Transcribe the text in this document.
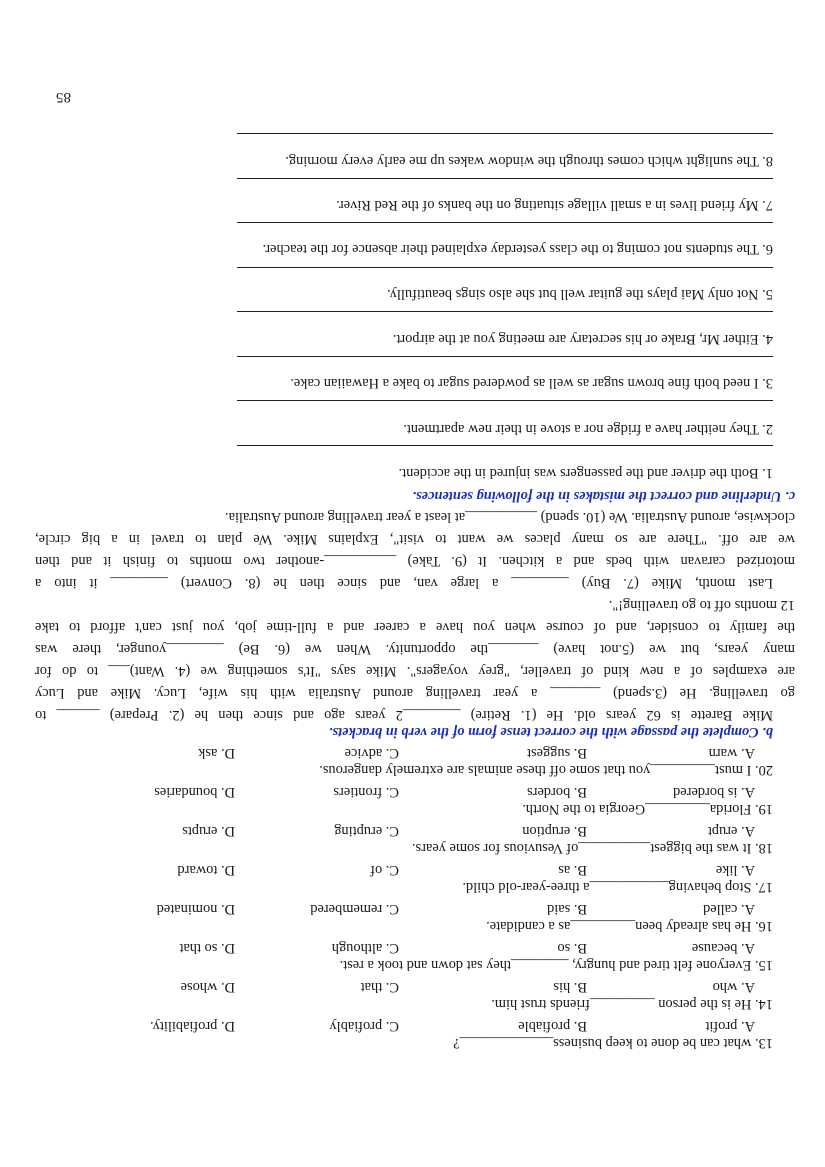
13. what can be done to keep business_____________?
A. profit
B. profiable
C. profiably
D. profiability.
14. He is the person _________friends trust him.
A. who
B. his
C. that
D. whose
15. Everyone felt tired and hungry, ________they sat down and took a rest.
A. because
B. so
C. although
D. so that
16. He has already been_________as a candidate.
A. called
B. said
C. remembered
D. nominated
17. Stop behaving___________a three-year-old child.
A. like
B. as
C. of
D. toward
18. It was the biggest__________of Vesuvious for some years.
A. erupt
B. eruption
C. erupting
D. erupts
19. Florida_________Georgia to the North.
A. is bordered
B. borders
C. frontiers
D. boundaries
20. I must_________you that some off these animals are extremely dangerous.
A. warn
B. suggest
C. advice
D. ask
b. Complete the passage with the correct tense form of the verb in brackets.
Mike Barette is 62 years old. He (1. Retire) ________2 years ago and since then he (2. Prepare) ______ to
go travelling. He (3.spend) _______ a year travelling around Australia with his wife, Lucy. Mike and Lucy
are examples of a new kind of traveller, "grey voyagers". Mike says "It's something we (4. Want)___ to do for
many years, but we (5.not have) _______the opportunity. When we (6. Be) ________younger, there was
the family to consider, and of course when you have a career and a full-time job, you just can't afford to take
12 months off to go travelling!".
Last month, Mike (7. Buy) ________ a large van, and since then he (8. Convert) ________ it into a
motorized caravan with beds and a kitchen. It (9. Take) __________-another two months to finish it and then
we are off. "There are so many places we want to visit", Explains Mike. We plan to travel in a big circle,
clockwise, around Australia. We (10. spend) __________at least a year travelling around Australia.
c. Underline and correct the mistakes in the following sentences.
1. Both the driver and the passengers was injured in the accident.
2. They neither have a fridge nor a stove in their new apartment.
3. I need both fine brown sugar as well as powdered sugar to bake a Hawaiian cake.
4. Either Mr, Brake or his secretary are meeting you at the airport.
5. Not only Mai plays the guitar well but she also sings beautifully.
6. The students not coming to the class yesterday explained their absence for the teacher.
7. My friend lives in a small village situating on the banks of the Red River.
8. The sunlight which comes through the window wakes up me early every morning.
85
